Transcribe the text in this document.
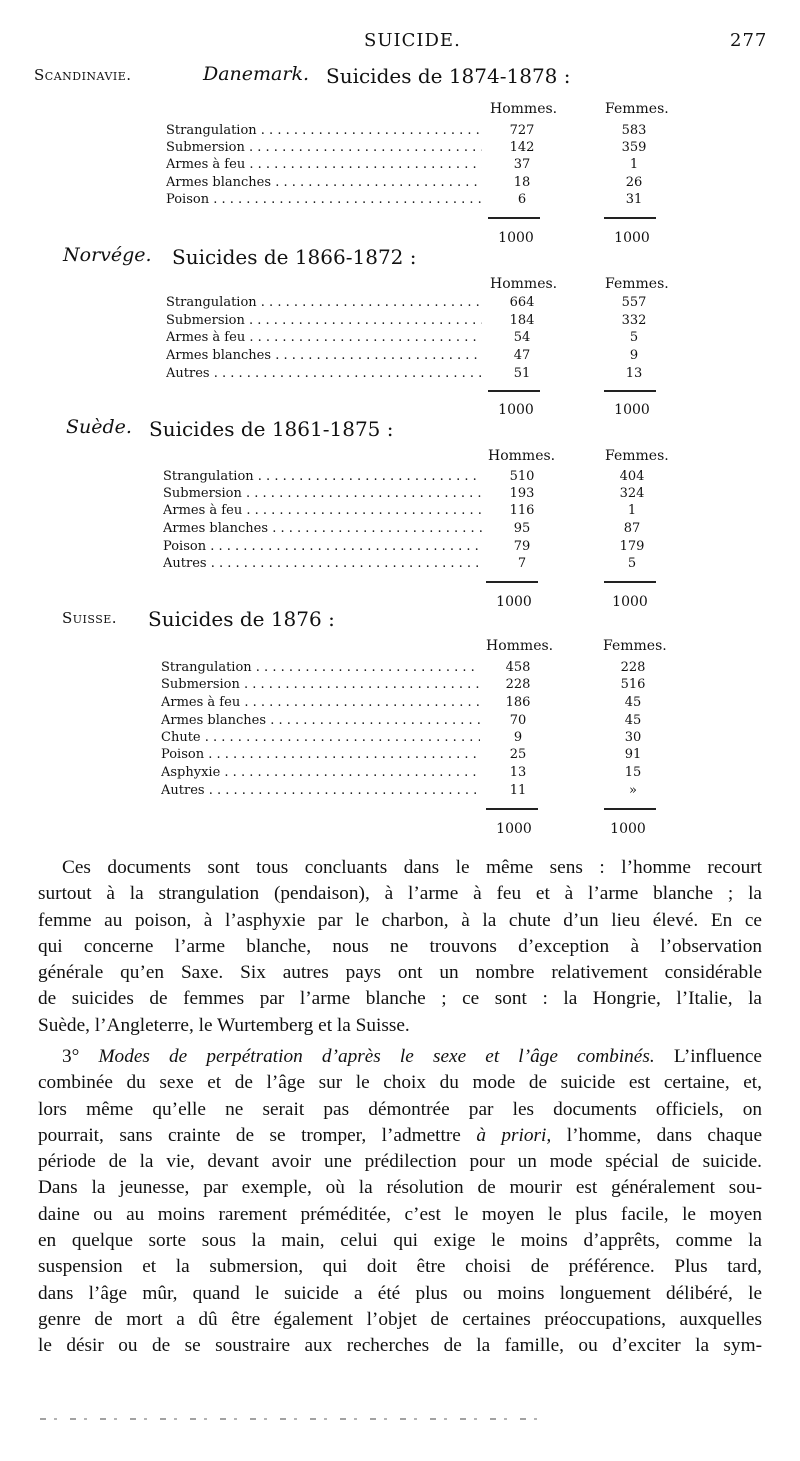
SUICIDE.	277
Scandinavie.	Danemark. Suicides de 1874-1878 :
Hommes.	Femmes.
Strangulation . . .	727	583
Submersion . . .	142	359
Armes à feu . . .	37	1
Armes blanches . . .	18	26
Poison . . .	6	31
1000	1000
Norvége. Suicides de 1866-1872 :
Hommes.	Femmes.
Strangulation . . .	664	557
Submersion . . .	184	332
Armes à feu . . .	54	5
Armes blanches . . .	47	9
Autres . . .	51	13
1000	1000
Suède. Suicides de 1861-1875 :
Hommes.	Femmes.
Strangulation . . .	510	404
Submersion . . .	193	324
Armes à feu . . .	116	1
Armes blanches . . .	95	87
Poison . . .	79	179
Autres . . .	7	5
1000	1000
Suisse. Suicides de 1876 :
Hommes.	Femmes.
Strangulation . . .	458	228
Submersion . . .	228	516
Armes à feu . . .	186	45
Armes blanches . . .	70	45
Chute . . .	9	30
Poison . . .	25	91
Asphyxie . . .	13	15
Autres . . .	11	»
1000	1000
Ces documents sont tous concluants dans le même sens : l’homme recourt
surtout à la strangulation (pendaison), à l’arme à feu et à l’arme blanche ; la
femme au poison, à l’asphyxie par le charbon, à la chute d’un lieu élevé. En ce
qui concerne l’arme blanche, nous ne trouvons d’exception à l’observation
générale qu’en Saxe. Six autres pays ont un nombre relativement considérable
de suicides de femmes par l’arme blanche ; ce sont : la Hongrie, l’Italie, la
Suède, l’Angleterre, le Wurtemberg et la Suisse.
3° Modes de perpétration d’après le sexe et l’âge combinés. L’influence
combinée du sexe et de l’âge sur le choix du mode de suicide est certaine, et,
lors même qu’elle ne serait pas démontrée par les documents officiels, on
pourrait, sans crainte de se tromper, l’admettre à priori, l’homme, dans chaque
période de la vie, devant avoir une prédilection pour un mode spécial de suicide.
Dans la jeunesse, par exemple, où la résolution de mourir est généralement sou-
daine ou au moins rarement préméditée, c’est le moyen le plus facile, le moyen
en quelque sorte sous la main, celui qui exige le moins d’apprêts, comme la
suspension et la submersion, qui doit être choisi de préférence. Plus tard,
dans l’âge mûr, quand le suicide a été plus ou moins longuement délibéré, le
genre de mort a dû être également l’objet de certaines préoccupations, auxquelles
le désir ou de se soustraire aux recherches de la famille, ou d’exciter la sym-
